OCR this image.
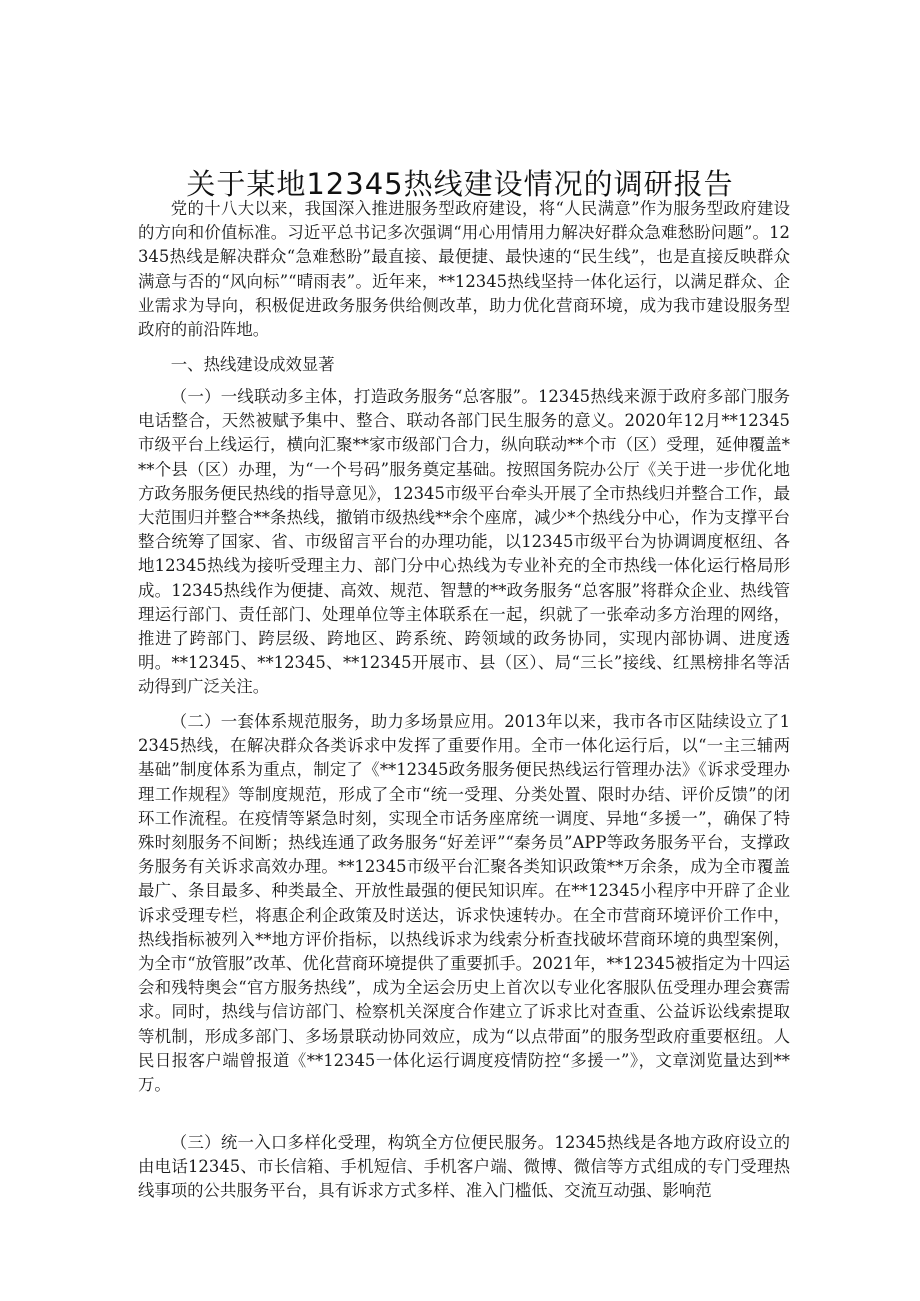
关于某地12345热线建设情况的调研报告

党的十八大以来，我国深入推进服务型政府建设，将“人民满意”作为服务型政府建设的方向和价值标准。习近平总书记多次强调“用心用情用力解决好群众急难愁盼问题”。12345热线是解决群众“急难愁盼”最直接、最便捷、最快速的“民生线”，也是直接反映群众满意与否的“风向标”“晴雨表”。近年来，**12345热线坚持一体化运行，以满足群众、企业需求为导向，积极促进政务服务供给侧改革，助力优化营商环境，成为我市建设服务型政府的前沿阵地。

一、热线建设成效显著

（一）一线联动多主体，打造政务服务“总客服”。12345热线来源于政府多部门服务电话整合，天然被赋予集中、整合、联动各部门民生服务的意义。2020年12月**12345市级平台上线运行，横向汇聚**家市级部门合力，纵向联动**个市（区）受理，延伸覆盖***个县（区）办理，为“一个号码”服务奠定基础。按照国务院办公厅《关于进一步优化地方政务服务便民热线的指导意见》，12345市级平台牵头开展了全市热线归并整合工作，最大范围归并整合**条热线，撤销市级热线**余个座席，减少*个热线分中心，作为支撑平台整合统筹了国家、省、市级留言平台的办理功能，以12345市级平台为协调调度枢纽、各地12345热线为接听受理主力、部门分中心热线为专业补充的全市热线一体化运行格局形成。12345热线作为便捷、高效、规范、智慧的**政务服务“总客服”将群众企业、热线管理运行部门、责任部门、处理单位等主体联系在一起，织就了一张牵动多方治理的网络，推进了跨部门、跨层级、跨地区、跨系统、跨领域的政务协同，实现内部协调、进度透明。**12345、**12345、**12345开展市、县（区）、局“三长”接线、红黑榜排名等活动得到广泛关注。

（二）一套体系规范服务，助力多场景应用。2013年以来，我市各市区陆续设立了12345热线，在解决群众各类诉求中发挥了重要作用。全市一体化运行后，以“一主三辅两基础”制度体系为重点，制定了《**12345政务服务便民热线运行管理办法》《诉求受理办理工作规程》等制度规范，形成了全市“统一受理、分类处置、限时办结、评价反馈”的闭环工作流程。在疫情等紧急时刻，实现全市话务座席统一调度、异地“多援一”，确保了特殊时刻服务不间断；热线连通了政务服务“好差评”“秦务员”APP等政务服务平台，支撑政务服务有关诉求高效办理。**12345市级平台汇聚各类知识政策**万余条，成为全市覆盖最广、条目最多、种类最全、开放性最强的便民知识库。在**12345小程序中开辟了企业诉求受理专栏，将惠企利企政策及时送达，诉求快速转办。在全市营商环境评价工作中，热线指标被列入**地方评价指标，以热线诉求为线索分析查找破坏营商环境的典型案例，为全市“放管服”改革、优化营商环境提供了重要抓手。2021年，**12345被指定为十四运会和残特奥会“官方服务热线”，成为全运会历史上首次以专业化客服队伍受理办理会赛需求。同时，热线与信访部门、检察机关深度合作建立了诉求比对查重、公益诉讼线索提取等机制，形成多部门、多场景联动协同效应，成为“以点带面”的服务型政府重要枢纽。人民日报客户端曾报道《**12345一体化运行调度疫情防控“多援一”》，文章浏览量达到**万。

（三）统一入口多样化受理，构筑全方位便民服务。12345热线是各地方政府设立的由电话12345、市长信箱、手机短信、手机客户端、微博、微信等方式组成的专门受理热线事项的公共服务平台，具有诉求方式多样、准入门槛低、交流互动强、影响范
